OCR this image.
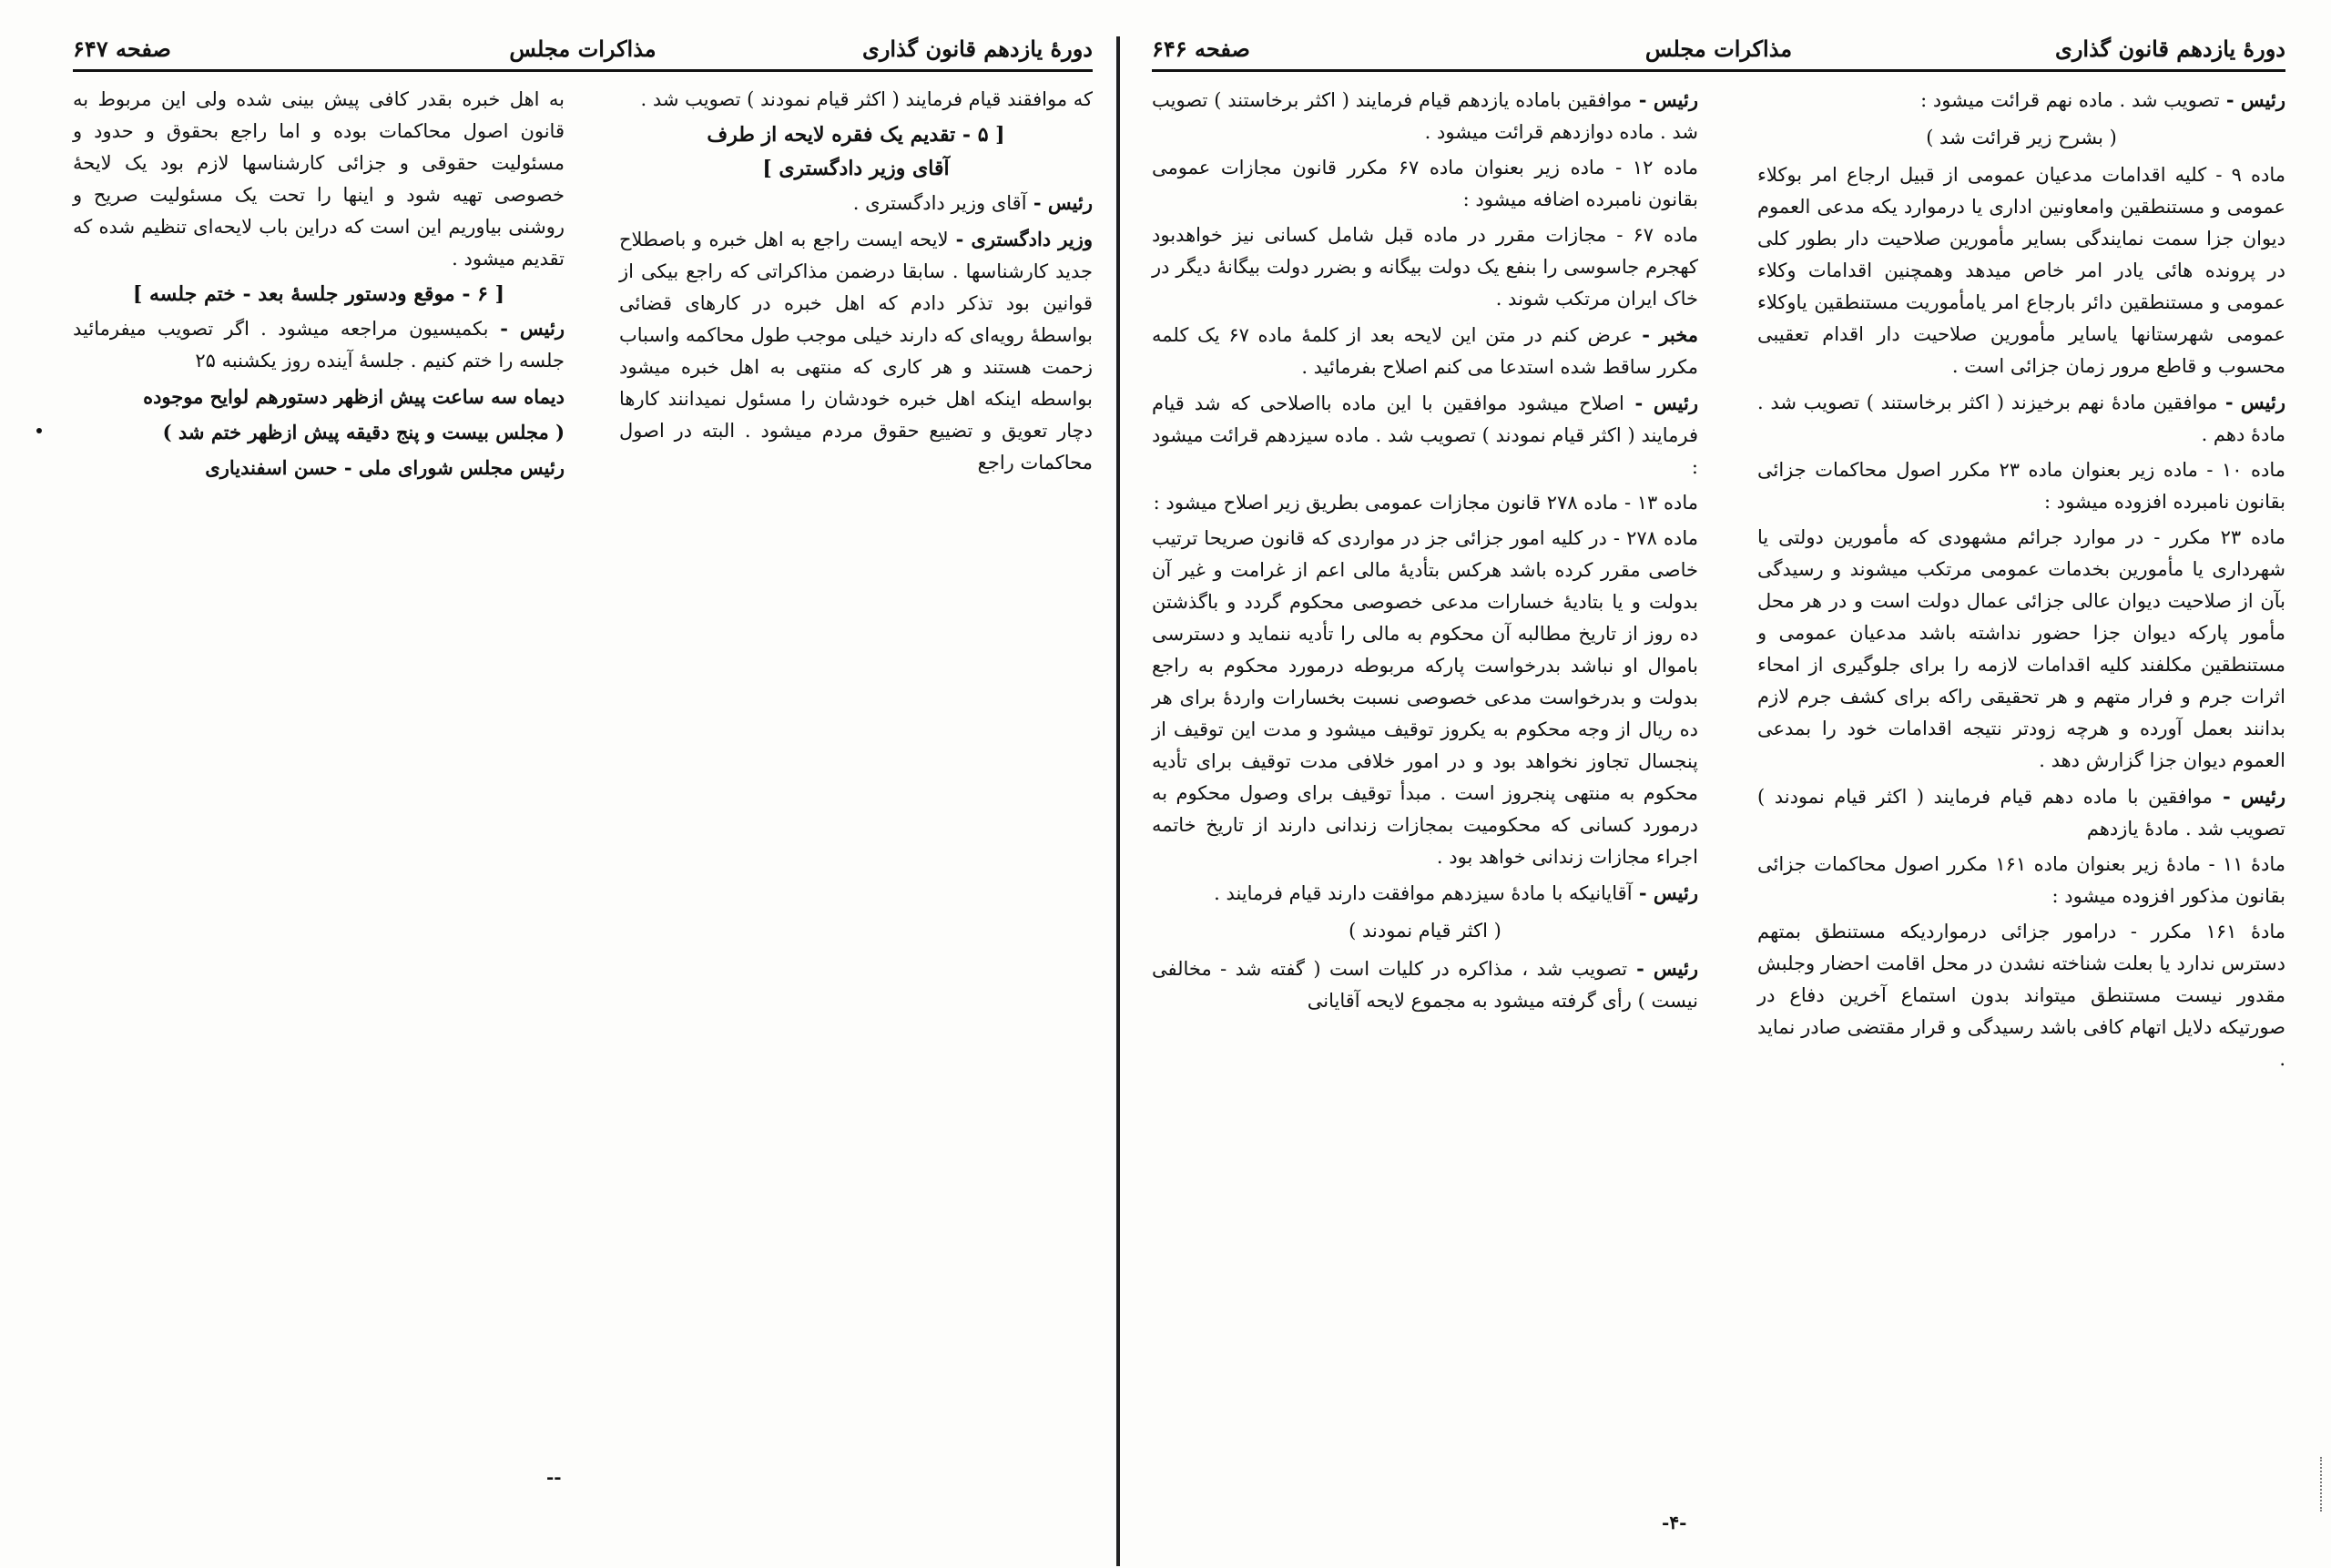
دورهٔ یازدهم قانون گذاری
مذاکرات مجلس
صفحه ۶۴۷
که موافقند قیام فرمایند ( اکثر قیام نمودند ) تصویب شد .
[ ۵ - تقدیم یک فقره لایحه از طرف
آقای وزیر دادگستری ]
رئیس - آقای وزیر دادگستری .
وزیر دادگستری - لایحه ایست راجع به اهل خبره و باصطلاح جدید کارشناسها . سابقا درضمن مذاکراتی که راجع بیکی از قوانین بود تذکر دادم که اهل خبره در کارهای قضائی بواسطهٔ رویه‌ای که دارند خیلی موجب طول محاکمه واسباب زحمت هستند و هر کاری که منتهی به اهل خبره میشود بواسطه اینکه اهل خبره خودشان را مسئول نمیدانند کارها دچار تعویق و تضییع حقوق مردم میشود . البته در اصول محاکمات راجع
به اهل خبره بقدر کافی پیش بینی شده ولی این مربوط به قانون اصول محاکمات بوده و اما راجع بحقوق و حدود و مسئولیت حقوقی و جزائی کارشناسها لازم بود یک لایحهٔ خصوصی تهیه شود و اینها را تحت یک مسئولیت صریح و روشنی بیاوریم این است که دراین باب لایحه‌ای تنظیم شده که تقدیم میشود .
[ ۶ - موقع ودستور جلسهٔ بعد - ختم جلسه ]
رئیس - بکمیسیون مراجعه میشود . اگر تصویب میفرمائید جلسه را ختم کنیم . جلسهٔ آینده روز یکشنبه ۲۵
دیماه سه ساعت پیش ازظهر دستورهم لوایح موجوده
( مجلس بیست و پنج دقیقه پیش ازظهر ختم شد )
رئیس مجلس شورای ملی - حسن اسفندیاری
--
دورهٔ یازدهم قانون گذاری
مذاکرات مجلس
صفحه ۶۴۶
رئیس - تصویب شد . ماده نهم قرائت میشود :
( بشرح زیر قرائت شد )
ماده ۹ - کلیه اقدامات مدعیان عمومی از قبیل ارجاع امر بوکلاء عمومی و مستنطقین وامعاونین اداری یا درموارد یکه مدعی العموم دیوان جزا سمت نمایندگی بسایر مأمورین صلاحیت دار بطور کلی در پرونده هائی یادر امر خاص میدهد وهمچنین اقدامات وکلاء عمومی و مستنطقین دائر بارجاع امر یامأموریت مستنطقین یاوکلاء عمومی شهرستانها یاسایر مأمورین صلاحیت دار اقدام تعقیبی محسوب و قاطع مرور زمان جزائی است .
رئیس - موافقین مادهٔ نهم برخیزند ( اکثر برخاستند ) تصویب شد . مادهٔ دهم .
ماده ۱۰ - ماده زیر بعنوان ماده ۲۳ مکرر اصول محاکمات جزائی بقانون نامبرده افزوده میشود :
ماده ۲۳ مکرر - در موارد جرائم مشهودی که مأمورین دولتی یا شهرداری یا مأمورین بخدمات عمومی مرتکب میشوند و رسیدگی بآن از صلاحیت دیوان عالی جزائی عمال دولت است و در هر محل مأمور پارکه دیوان جزا حضور نداشته باشد مدعیان عمومی و مستنطقین مکلفند کلیه اقدامات لازمه را برای جلوگیری از امحاء اثرات جرم و فرار متهم و هر تحقیقی راکه برای کشف جرم لازم بدانند بعمل آورده و هرچه زودتر نتیجه اقدامات خود را بمدعی العموم دیوان جزا گزارش دهد .
رئیس - موافقین با ماده دهم قیام فرمایند ( اکثر قیام نمودند ) تصویب شد . مادهٔ یازدهم
مادهٔ ۱۱ - مادهٔ زیر بعنوان ماده ۱۶۱ مکرر اصول محاکمات جزائی بقانون مذکور افزوده میشود :
مادهٔ ۱۶۱ مکرر - درامور جزائی درمواردیکه مستنطق بمتهم دسترس ندارد یا بعلت شناخته نشدن در محل اقامت احضار وجلبش مقدور نیست مستنطق میتواند بدون استماع آخرین دفاع در صورتیکه دلایل اتهام کافی باشد رسیدگی و قرار مقتضی صادر نماید .
رئیس - موافقین باماده یازدهم قیام فرمایند ( اکثر برخاستند ) تصویب شد . ماده دوازدهم قرائت میشود .
ماده ۱۲ - ماده زیر بعنوان ماده ۶۷ مکرر قانون مجازات عمومی بقانون نامبرده اضافه میشود :
ماده ۶۷ - مجازات مقرر در ماده قبل شامل کسانی نیز خواهدبود کهجرم جاسوسی را بنفع یک دولت بیگانه و بضرر دولت بیگانهٔ دیگر در خاک ایران مرتکب شوند .
مخبر - عرض کنم در متن این لایحه بعد از کلمهٔ ماده ۶۷ یک کلمه مکرر ساقط شده استدعا می کنم اصلاح بفرمائید .
رئیس - اصلاح میشود موافقین با این ماده بااصلاحی که شد قیام فرمایند ( اکثر قیام نمودند ) تصویب شد . ماده سیزدهم قرائت میشود :
ماده ۱۳ - ماده ۲۷۸ قانون مجازات عمومی بطریق زیر اصلاح میشود :
ماده ۲۷۸ - در کلیه امور جزائی جز در مواردی که قانون صریحا ترتیب خاصی مقرر کرده باشد هرکس بتأدیهٔ مالی اعم از غرامت و غیر آن بدولت و یا بتادیهٔ خسارات مدعی خصوصی محکوم گردد و باگذشتن ده روز از تاریخ مطالبه آن محکوم به مالی را تأدیه ننماید و دسترسی باموال او نباشد بدرخواست پارکه مربوطه درمورد محکوم به راجع بدولت و بدرخواست مدعی خصوصی نسبت بخسارات واردهٔ برای هر ده ریال از وجه محکوم به یکروز توقیف میشود و مدت این توقیف از پنجسال تجاوز نخواهد بود و در امور خلافی مدت توقیف برای تأدیه محکوم به منتهی پنجروز است . مبدأ توقیف برای وصول محکوم به درمورد کسانی که محکومیت بمجازات زندانی دارند از تاریخ خاتمه اجراء مجازات زندانی خواهد بود .
رئیس - آقایانیکه با مادهٔ سیزدهم موافقت دارند قیام فرمایند .
( اکثر قیام نمودند )
رئیس - تصویب شد ، مذاکره در کلیات است ( گفته شد - مخالفی نیست ) رأی گرفته میشود به مجموع لایحه آقایانی
-۴-
